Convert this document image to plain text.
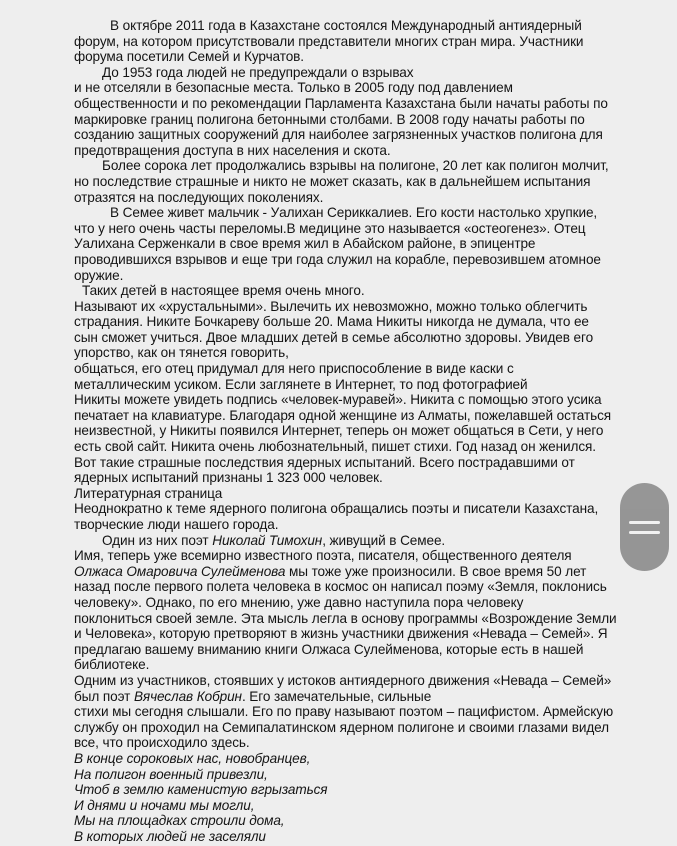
В октябре 2011 года в Казахстане состоялся Международный антиядерный
форум, на котором присутствовали представители многих стран мира. Участники
форума посетили Семей и Курчатов.
До 1953 года людей не предупреждали о взрывах
и не отселяли в безопасные места. Только в 2005 году под давлением
общественности и по рекомендации Парламента Казахстана были начаты работы по
маркировке границ полигона бетонными столбами. В 2008 году начаты работы по
созданию защитных сооружений для наиболее загрязненных участков полигона для
предотвращения доступа в них населения и скота.
Более сорока лет продолжались взрывы на полигоне, 20 лет как полигон молчит,
но последствие страшные и никто не может сказать, как в дальнейшем испытания
отразятся на последующих поколениях.
В Семее живет мальчик - Уалихан Сериккалиев. Его кости настолько хрупкие,
что у него очень часты переломы.В медицине это называется «остеогенез». Отец
Уалихана Серженкали в свое время жил в Абайском районе, в эпицентре
проводившихся взрывов и еще три года служил на корабле, перевозившем атомное
оружие.
Таких детей в настоящее время очень много.
Называют их «хрустальными». Вылечить их невозможно, можно только облегчить
страдания. Никите Бочкареву больше 20. Мама Никиты никогда не думала, что ее
сын сможет учиться. Двое младших детей в семье абсолютно здоровы. Увидев его
упорство, как он тянется говорить,
общаться, его отец придумал для него приспособление в виде каски с
металлическим усиком. Если заглянете в Интернет, то под фотографией
Никиты можете увидеть подпись «человек-муравей». Никита с помощью этого усика
печатает на клавиатуре. Благодаря одной женщине из Алматы, пожелавшей остаться
неизвестной, у Никиты появился Интернет, теперь он может общаться в Сети, у него
есть свой сайт. Никита очень любознательный, пишет стихи. Год назад он женился.
Вот такие страшные последствия ядерных испытаний. Всего пострадавшими от
ядерных испытаний признаны 1 323 000 человек.
Литературная страница
Неоднократно к теме ядерного полигона обращались поэты и писатели Казахстана,
творческие люди нашего города.
Один из них поэт Николай Тимохин, живущий в Семее.
Имя, теперь уже всемирно известного поэта, писателя, общественного деятеля
Олжаса Омаровича Сулейменова мы тоже уже произносили. В свое время 50 лет
назад после первого полета человека в космос он написал поэму «Земля, поклонись
человеку». Однако, по его мнению, уже давно наступила пора человеку
поклониться своей земле. Эта мысль легла в основу программы «Возрождение Земли
и Человека», которую претворяют в жизнь участники движения «Невада – Семей». Я
предлагаю вашему вниманию книги Олжаса Сулейменова, которые есть в нашей
библиотеке.
Одним из участников, стоявших у истоков антиядерного движения «Невада – Семей»
был поэт Вячеслав Кобрин. Его замечательные, сильные
стихи мы сегодня слышали. Его по праву называют поэтом – пацифистом. Армейскую
службу он проходил на Семипалатинском ядерном полигоне и своими глазами видел
все, что происходило здесь.
В конце сороковых нас, новобранцев,
На полигон военный привезли,
Чтоб в землю каменистую вгрызаться
И днями и ночами мы могли,
Мы на площадках строили дома,
В которых людей не заселяли
